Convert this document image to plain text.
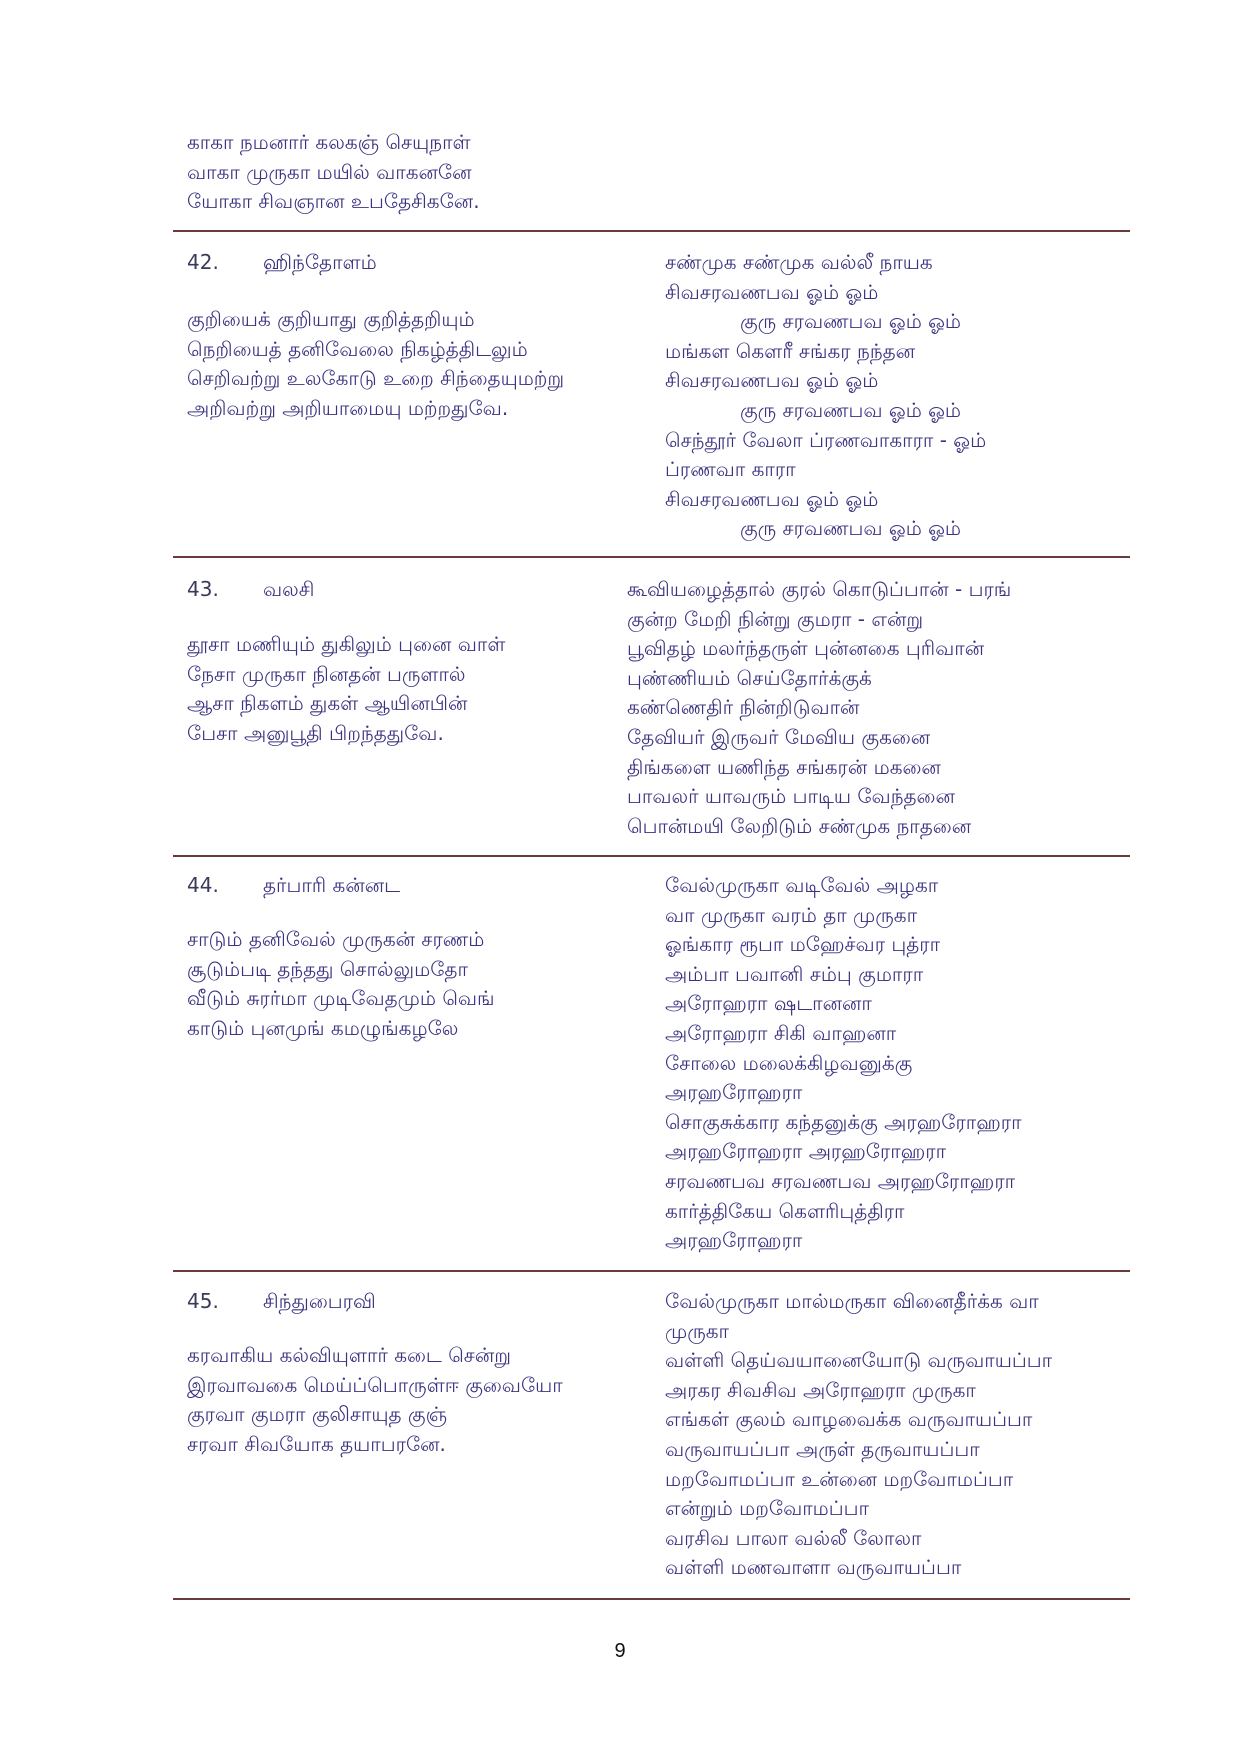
காகா நமனார் கலகஞ் செயுநாள்
வாகா முருகா மயில் வாகனனே
யோகா சிவஞான உபதேசிகனே.
42. ஹிந்தோளம்
குறியைக் குறியாது குறித்தறியும்
நெறியைத் தனிவேலை நிகழ்த்திடலும்
செறிவற்று உலகோடு உறை சிந்தையுமற்று
அறிவற்று அறியாமையு மற்றதுவே.
சண்முக சண்முக வல்லீ நாயக
சிவசரவணபவ ஓம் ஓம்
குரு சரவணபவ ஓம் ஓம்
மங்கள கௌரீ சங்கர நந்தன
சிவசரவணபவ ஓம் ஓம்
குரு சரவணபவ ஓம் ஓம்
செந்தூர் வேலா ப்ரணவாகாரா - ஓம்
ப்ரணவா காரா
சிவசரவணபவ ஓம் ஓம்
குரு சரவணபவ ஓம் ஓம்
43. வலசி
தூசா மணியும் துகிலும் புனை வாள்
நேசா முருகா நினதன் பருளால்
ஆசா நிகளம் துகள் ஆயினபின்
பேசா அனுபூதி பிறந்ததுவே.
கூவியழைத்தால் குரல் கொடுப்பான் - பரங்
குன்ற மேறி நின்று குமரா - என்று
பூவிதழ் மலர்ந்தருள் புன்னகை புரிவான்
புண்ணியம் செய்தோர்க்குக்
கண்ணெதிர் நின்றிடுவான்
தேவியர் இருவர் மேவிய குகனை
திங்களை யணிந்த சங்கரன் மகனை
பாவலர் யாவரும் பாடிய வேந்தனை
பொன்மயி லேறிடும் சண்முக நாதனை
44. தர்பாரி கன்னட
சாடும் தனிவேல் முருகன் சரணம்
சூடும்படி தந்தது சொல்லுமதோ
வீடும் சுரர்மா முடிவேதமும் வெங்
காடும் புனமுங் கமழுங்கழலே
வேல்முருகா வடிவேல் அழகா
வா முருகா வரம் தா முருகா
ஓங்கார ரூபா மஹேச்வர புத்ரா
அம்பா பவானி சம்பு குமாரா
அரோஹரா ஷடானனா
அரோஹரா சிகி வாஹனா
சோலை மலைக்கிழவனுக்கு
அரஹரோஹரா
சொகுசுக்கார கந்தனுக்கு அரஹரோஹரா
அரஹரோஹரா அரஹரோஹரா
சரவணபவ சரவணபவ அரஹரோஹரா
கார்த்திகேய கௌரிபுத்திரா
அரஹரோஹரா
45. சிந்துபைரவி
கரவாகிய கல்வியுளார் கடை சென்று
இரவாவகை மெய்ப்பொருள்ஈ குவையோ
குரவா குமரா குலிசாயுத குஞ்
சரவா சிவயோக தயாபரனே.
வேல்முருகா மால்மருகா வினைதீர்க்க வா
முருகா
வள்ளி தெய்வயானையோடு வருவாயப்பா
அரகர சிவசிவ அரோஹரா முருகா
எங்கள் குலம் வாழவைக்க வருவாயப்பா
வருவாயப்பா அருள் தருவாயப்பா
மறவோமப்பா உன்னை மறவோமப்பா
என்றும் மறவோமப்பா
வரசிவ பாலா வல்லீ லோலா
வள்ளி மணவாளா வருவாயப்பா
9
